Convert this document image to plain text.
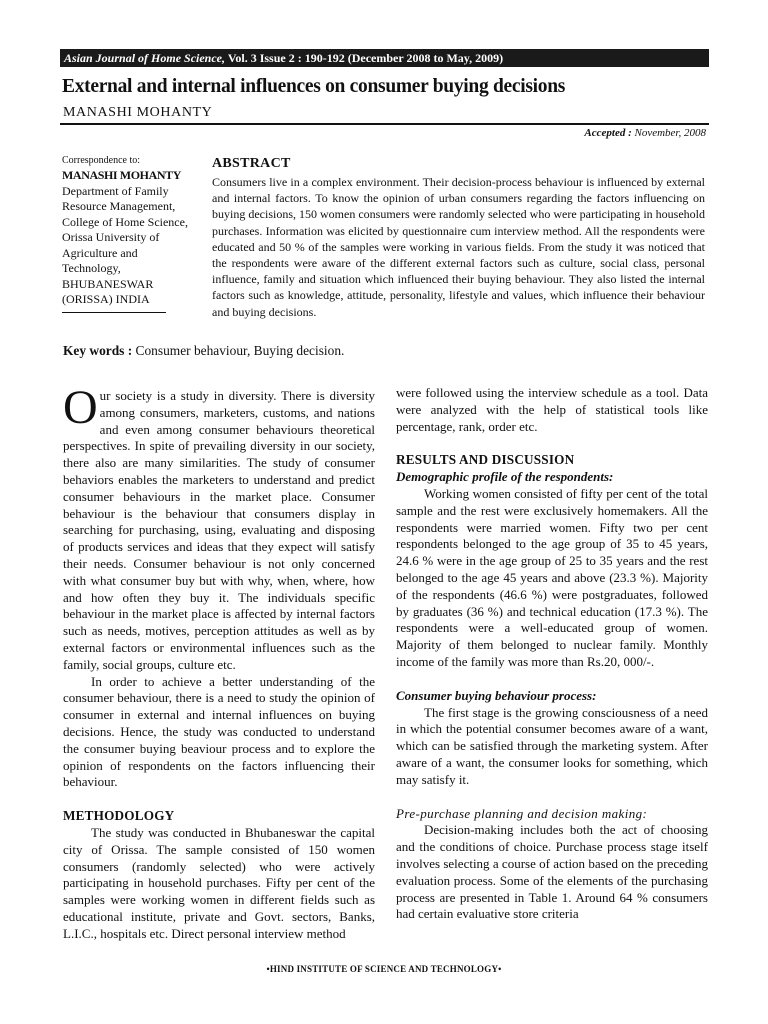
Asian Journal of Home Science, Vol. 3 Issue 2 : 190-192 (December 2008 to May, 2009)
External and internal influences on consumer buying decisions
MANASHI MOHANTY
Accepted : November, 2008
Correspondence to:
MANASHI MOHANTY
Department of Family
Resource Management,
College of Home Science,
Orissa University of
Agriculture and
Technology,
BHUBANESWAR
(ORISSA) INDIA
ABSTRACT
Consumers live in a complex environment. Their decision-process behaviour is influenced by external and internal factors. To know the opinion of urban consumers regarding the factors influencing on buying decisions, 150 women consumers were randomly selected who were participating in household purchases. Information was elicited by questionnaire cum interview method. All the respondents were educated and 50 % of the samples were working in various fields. From the study it was noticed that the respondents were aware of the different external factors such as culture, social class, personal influence, family and situation which influenced their buying behaviour. They also listed the internal factors such as knowledge, attitude, personality, lifestyle and values, which influence their behaviour and buying decisions.
Key words : Consumer behaviour, Buying decision.

Our society is a study in diversity. There is diversity among consumers, marketers, customs, and nations and even among consumer behaviours theoretical perspectives. In spite of prevailing diversity in our society, there also are many similarities. The study of consumer behaviors enables the marketers to understand and predict consumer behaviours in the market place. Consumer behaviour is the behaviour that consumers display in searching for purchasing, using, evaluating and disposing of products services and ideas that they expect will satisfy their needs. Consumer behaviour is not only concerned with what consumer buy but with why, when, where, how and how often they buy it. The individuals specific behaviour in the market place is affected by internal factors such as needs, motives, perception attitudes as well as by external factors or environmental influences such as the family, social groups, culture etc.

In order to achieve a better understanding of the consumer behaviour, there is a need to study the opinion of consumer in external and internal influences on buying decisions. Hence, the study was conducted to understand the consumer buying beaviour process and to explore the opinion of respondents on the factors influencing their behaviour.

METHODOLOGY

The study was conducted in Bhubaneswar the capital city of Orissa. The sample consisted of 150 women consumers (randomly selected) who were actively participating in household purchases. Fifty per cent of the samples were working women in different fields such as educational institute, private and Govt. sectors, Banks, L.I.C., hospitals etc. Direct personal interview method

were followed using the interview schedule as a tool. Data were analyzed with the help of statistical tools like percentage, rank, order etc.

RESULTS AND DISCUSSION

Demographic profile of the respondents:

Working women consisted of fifty per cent of the total sample and the rest were exclusively homemakers. All the respondents were married women. Fifty two per cent respondents belonged to the age group of 35 to 45 years, 24.6 % were in the age group of 25 to 35 years and the rest belonged to the age 45 years and above (23.3 %). Majority of the respondents (46.6 %) were postgraduates, followed by graduates (36 %) and technical education (17.3 %). The respondents were a well-educated group of women. Majority of them belonged to nuclear family. Monthly income of the family was more than Rs.20, 000/-.

Consumer buying behaviour process:

The first stage is the growing consciousness of a need in which the potential consumer becomes aware of a want, which can be satisfied through the marketing system. After aware of a want, the consumer looks for something, which may satisfy it.

Pre-purchase planning and decision making:

Decision-making includes both the act of choosing and the conditions of choice. Purchase process stage itself involves selecting a course of action based on the preceding evaluation process. Some of the elements of the purchasing process are presented in Table 1. Around 64 % consumers had certain evaluative store criteria

•HIND INSTITUTE OF SCIENCE AND TECHNOLOGY•
